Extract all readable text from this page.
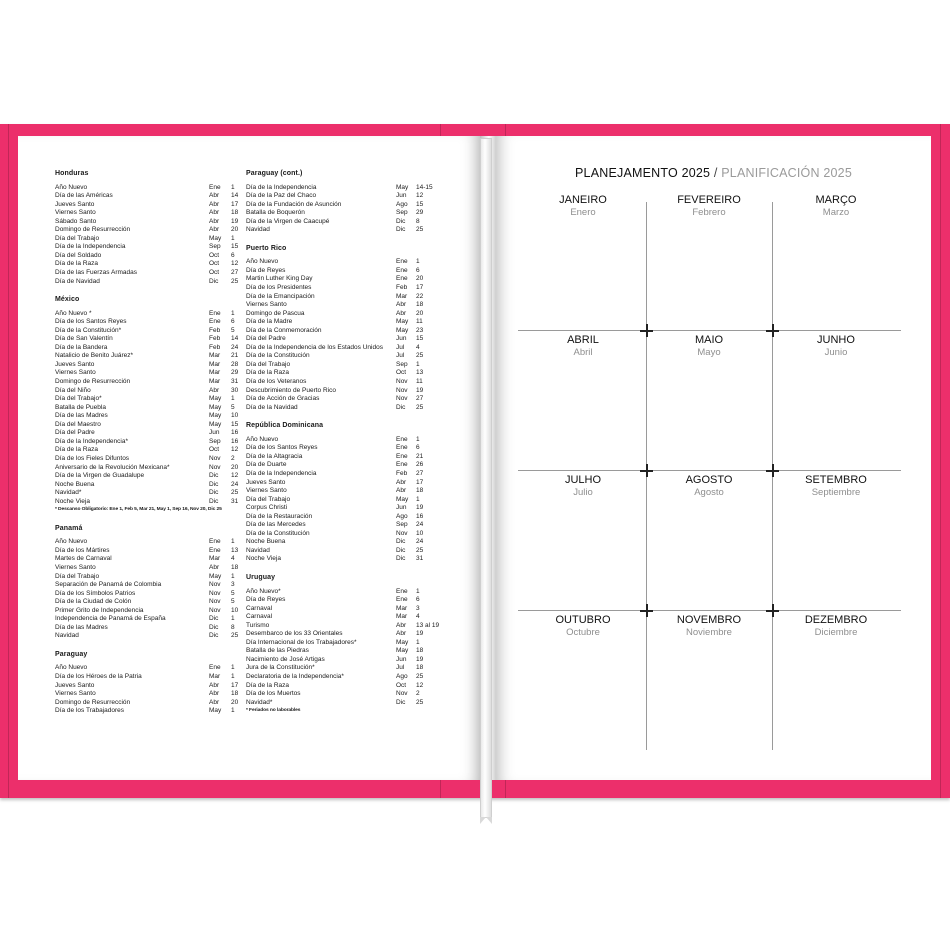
Honduras
Año Nuevo	Ene	1
Día de las Américas	Abr	14
Jueves Santo	Abr	17
Viernes Santo	Abr	18
Sábado Santo	Abr	19
Domingo de Resurrección	Abr	20
Día del Trabajo	May	1
Día de la Independencia	Sep	15
Día del Soldado	Oct	6
Día de la Raza	Oct	12
Día de las Fuerzas Armadas	Oct	27
Día de Navidad	Dic	25
México
Año Nuevo *	Ene	1
Día de los Santos Reyes	Ene	6
Día de la Constitución*	Feb	5
Día de San Valentín	Feb	14
Día de la Bandera	Feb	24
Natalicio de Benito Juárez*	Mar	21
Jueves Santo	Mar	28
Viernes Santo	Mar	29
Domingo de Resurrección	Mar	31
Día del Niño	Abr	30
Día del Trabajo*	May	1
Batalla de Puebla	May	5
Día de las Madres	May	10
Día del Maestro	May	15
Día del Padre	Jun	16
Día de la Independencia*	Sep	16
Día de la Raza	Oct	12
Día de los Fieles Difuntos	Nov	2
Aniversario de la Revolución Mexicana*	Nov	20
Día de la Virgen de Guadalupe	Dic	12
Noche Buena	Dic	24
Navidad*	Dic	25
Noche Vieja	Dic	31
* Descanso Obligatorio: Ene 1, Feb 5, Mar 21, May 1, Sep 16, Nov 20, Dic 25
Panamá
Año Nuevo	Ene	1
Día de los Mártires	Ene	13
Martes de Carnaval	Mar	4
Viernes Santo	Abr	18
Día del Trabajo	May	1
Separación de Panamá de Colombia	Nov	3
Día de los Símbolos Patrios	Nov	5
Día de la Ciudad de Colón	Nov	5
Primer Grito de Independencia	Nov	10
Independencia de Panamá de España	Dic	1
Día de las Madres	Dic	8
Navidad	Dic	25
Paraguay
Año Nuevo	Ene	1
Día de los Héroes de la Patria	Mar	1
Jueves Santo	Abr	17
Viernes Santo	Abr	18
Domingo de Resurrección	Abr	20
Día de los Trabajadores	May	1
Paraguay (cont.)
Día de la Independencia	May	14-15
Día de la Paz del Chaco	Jun	12
Día de la Fundación de Asunción	Ago	15
Batalla de Boquerón	Sep	29
Día de la Virgen de Caacupé	Dic	8
Navidad	Dic	25
Puerto Rico
Año Nuevo	Ene	1
Día de Reyes	Ene	6
Martin Luther King Day	Ene	20
Día de los Presidentes	Feb	17
Día de la Emancipación	Mar	22
Viernes Santo	Abr	18
Domingo de Pascua	Abr	20
Día de la Madre	May	11
Día de la Conmemoración	May	23
Día del Padre	Jun	15
Día de la Independencia de los Estados Unidos	Jul	4
Día de la Constitución	Jul	25
Día del Trabajo	Sep	1
Día de la Raza	Oct	13
Día de los Veteranos	Nov	11
Descubrimiento de Puerto Rico	Nov	19
Día de Acción de Gracias	Nov	27
Día de la Navidad	Dic	25
República Dominicana
Año Nuevo	Ene	1
Día de los Santos Reyes	Ene	6
Día de la Altagracia	Ene	21
Día de Duarte	Ene	26
Día de la Independencia	Feb	27
Jueves Santo	Abr	17
Viernes Santo	Abr	18
Día del Trabajo	May	1
Corpus Christi	Jun	19
Día de la Restauración	Ago	16
Día de las Mercedes	Sep	24
Día de la Constitución	Nov	10
Noche Buena	Dic	24
Navidad	Dic	25
Noche Vieja	Dic	31
Uruguay
Año Nuevo*	Ene	1
Día de Reyes	Ene	6
Carnaval	Mar	3
Carnaval	Mar	4
Turismo	Abr	13 al 19
Desembarco de los 33 Orientales	Abr	19
Día Internacional de los Trabajadores*	May	1
Batalla de las Piedras	May	18
Nacimiento de José Artigas	Jun	19
Jura de la Constitución*	Jul	18
Declaratoria de la Independencia*	Ago	25
Día de la Raza	Oct	12
Día de los Muertos	Nov	2
Navidad*	Dic	25
* Feriados no laborables
PLANEJAMENTO 2025 / PLANIFICACIÓN 2025
JANEIRO
Enero
FEVEREIRO
Febrero
MARÇO
Marzo
ABRIL
Abril
MAIO
Mayo
JUNHO
Junio
JULHO
Julio
AGOSTO
Agosto
SETEMBRO
Septiembre
OUTUBRO
Octubre
NOVEMBRO
Noviembre
DEZEMBRO
Diciembre
